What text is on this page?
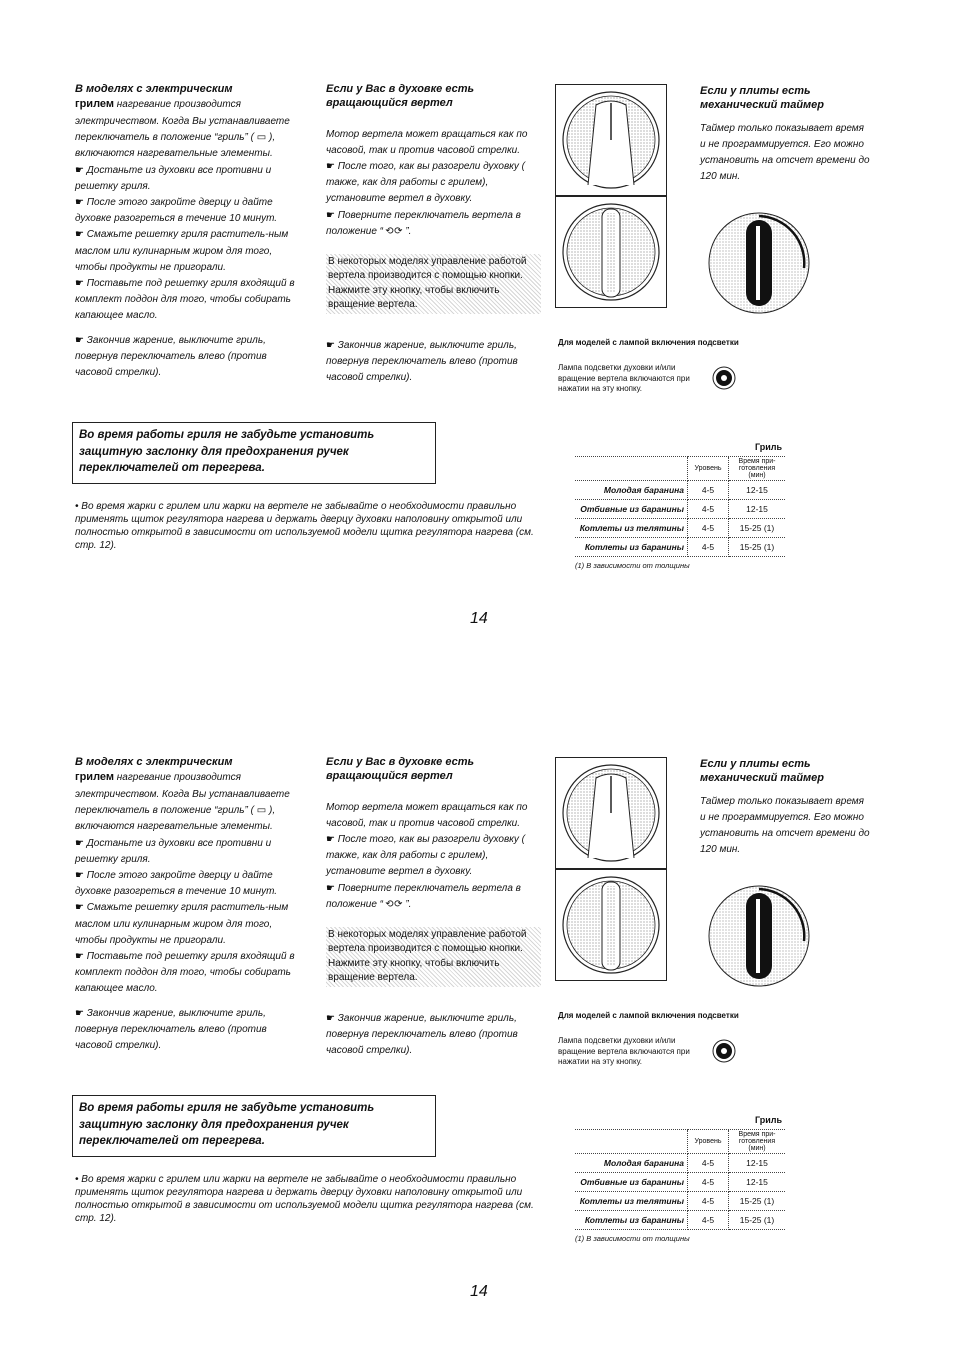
В моделях с электрическим

грилем нагревание производится электричеством. Когда Вы устанавливаете переключатель в положение “гриль” ( ▭ ), включаются нагревательные элементы.

☛ Достаньте из духовки все противни и решетку гриля.

☛ После этого закройте дверцу и дайте духовке разогреться в течение 10 минут.

☛ Смажьте решетку гриля раститель-ным маслом или кулинарным жиром для того, чтобы продукты не пригорали.

☛ Поставьте под решетку гриля входящий в комплект поддон для того, чтобы собирать капающее масло.

☛ Закончив жарение, выключите гриль, повернув переключатель влево (против часовой стрелки).

Если у Вас в духовке есть вращающийся вертел

Мотор вертела может вращаться как по часовой, так и против часовой стрелки.

☛ После того, как вы разогрели духовку ( также, как для работы с грилем), установите вертел в духовку.

☛ Поверните переключатель вертела в положение “ ⟲⟳ ”.

В некоторых моделях управление работой вертела производится с помощью кнопки. Нажмите эту кнопку, чтобы включить вращение вертела.

☛ Закончив жарение, выключите гриль, повернув переключатель влево (против часовой стрелки).

Если у плиты есть механический таймер

Таймер только показывает время и не программируется. Его можно установить на отсчет времени до 120 мин.

Для моделей с лампой включения подсветки
Лампа подсветки духовки и/или вращение вертела включаются при нажатии на эту кнопку.
	Гриль	
	Уровень	Время при- готовления (мин)
Молодая баранина	4-5	12-15
Отбивные из баранины	4-5	12-15
Котлеты из телятины	4-5	15-25 (1)
Котлеты из баранины	4-5	15-25 (1)
(1) В зависимости от толщины
Во время работы гриля не забудьте установить защитную заслонку для предохранения ручек переключателей от перегрева.
• Во время жарки с грилем или жарки на вертеле не забывайте о необходимости правильно применять щиток регулятора нагрева и держать дверцу духовки наполовину открытой или полностью открытой в зависимости от используемой модели щитка регулятора нагрева (см. стр. 12).
14
В моделях с электрическим

грилем нагревание производится электричеством. Когда Вы устанавливаете переключатель в положение “гриль” ( ▭ ), включаются нагревательные элементы.

☛ Достаньте из духовки все противни и решетку гриля.

☛ После этого закройте дверцу и дайте духовке разогреться в течение 10 минут.

☛ Смажьте решетку гриля раститель-ным маслом или кулинарным жиром для того, чтобы продукты не пригорали.

☛ Поставьте под решетку гриля входящий в комплект поддон для того, чтобы собирать капающее масло.

☛ Закончив жарение, выключите гриль, повернув переключатель влево (против часовой стрелки).

Если у Вас в духовке есть вращающийся вертел

Мотор вертела может вращаться как по часовой, так и против часовой стрелки.

☛ После того, как вы разогрели духовку ( также, как для работы с грилем), установите вертел в духовку.

☛ Поверните переключатель вертела в положение “ ⟲⟳ ”.

В некоторых моделях управление работой вертела производится с помощью кнопки. Нажмите эту кнопку, чтобы включить вращение вертела.

☛ Закончив жарение, выключите гриль, повернув переключатель влево (против часовой стрелки).

Если у плиты есть механический таймер

Таймер только показывает время и не программируется. Его можно установить на отсчет времени до 120 мин.

Для моделей с лампой включения подсветки
Лампа подсветки духовки и/или вращение вертела включаются при нажатии на эту кнопку.
	Гриль	
	Уровень	Время при- готовления (мин)
Молодая баранина	4-5	12-15
Отбивные из баранины	4-5	12-15
Котлеты из телятины	4-5	15-25 (1)
Котлеты из баранины	4-5	15-25 (1)
(1) В зависимости от толщины
Во время работы гриля не забудьте установить защитную заслонку для предохранения ручек переключателей от перегрева.
• Во время жарки с грилем или жарки на вертеле не забывайте о необходимости правильно применять щиток регулятора нагрева и держать дверцу духовки наполовину открытой или полностью открытой в зависимости от используемой модели щитка регулятора нагрева (см. стр. 12).
14
